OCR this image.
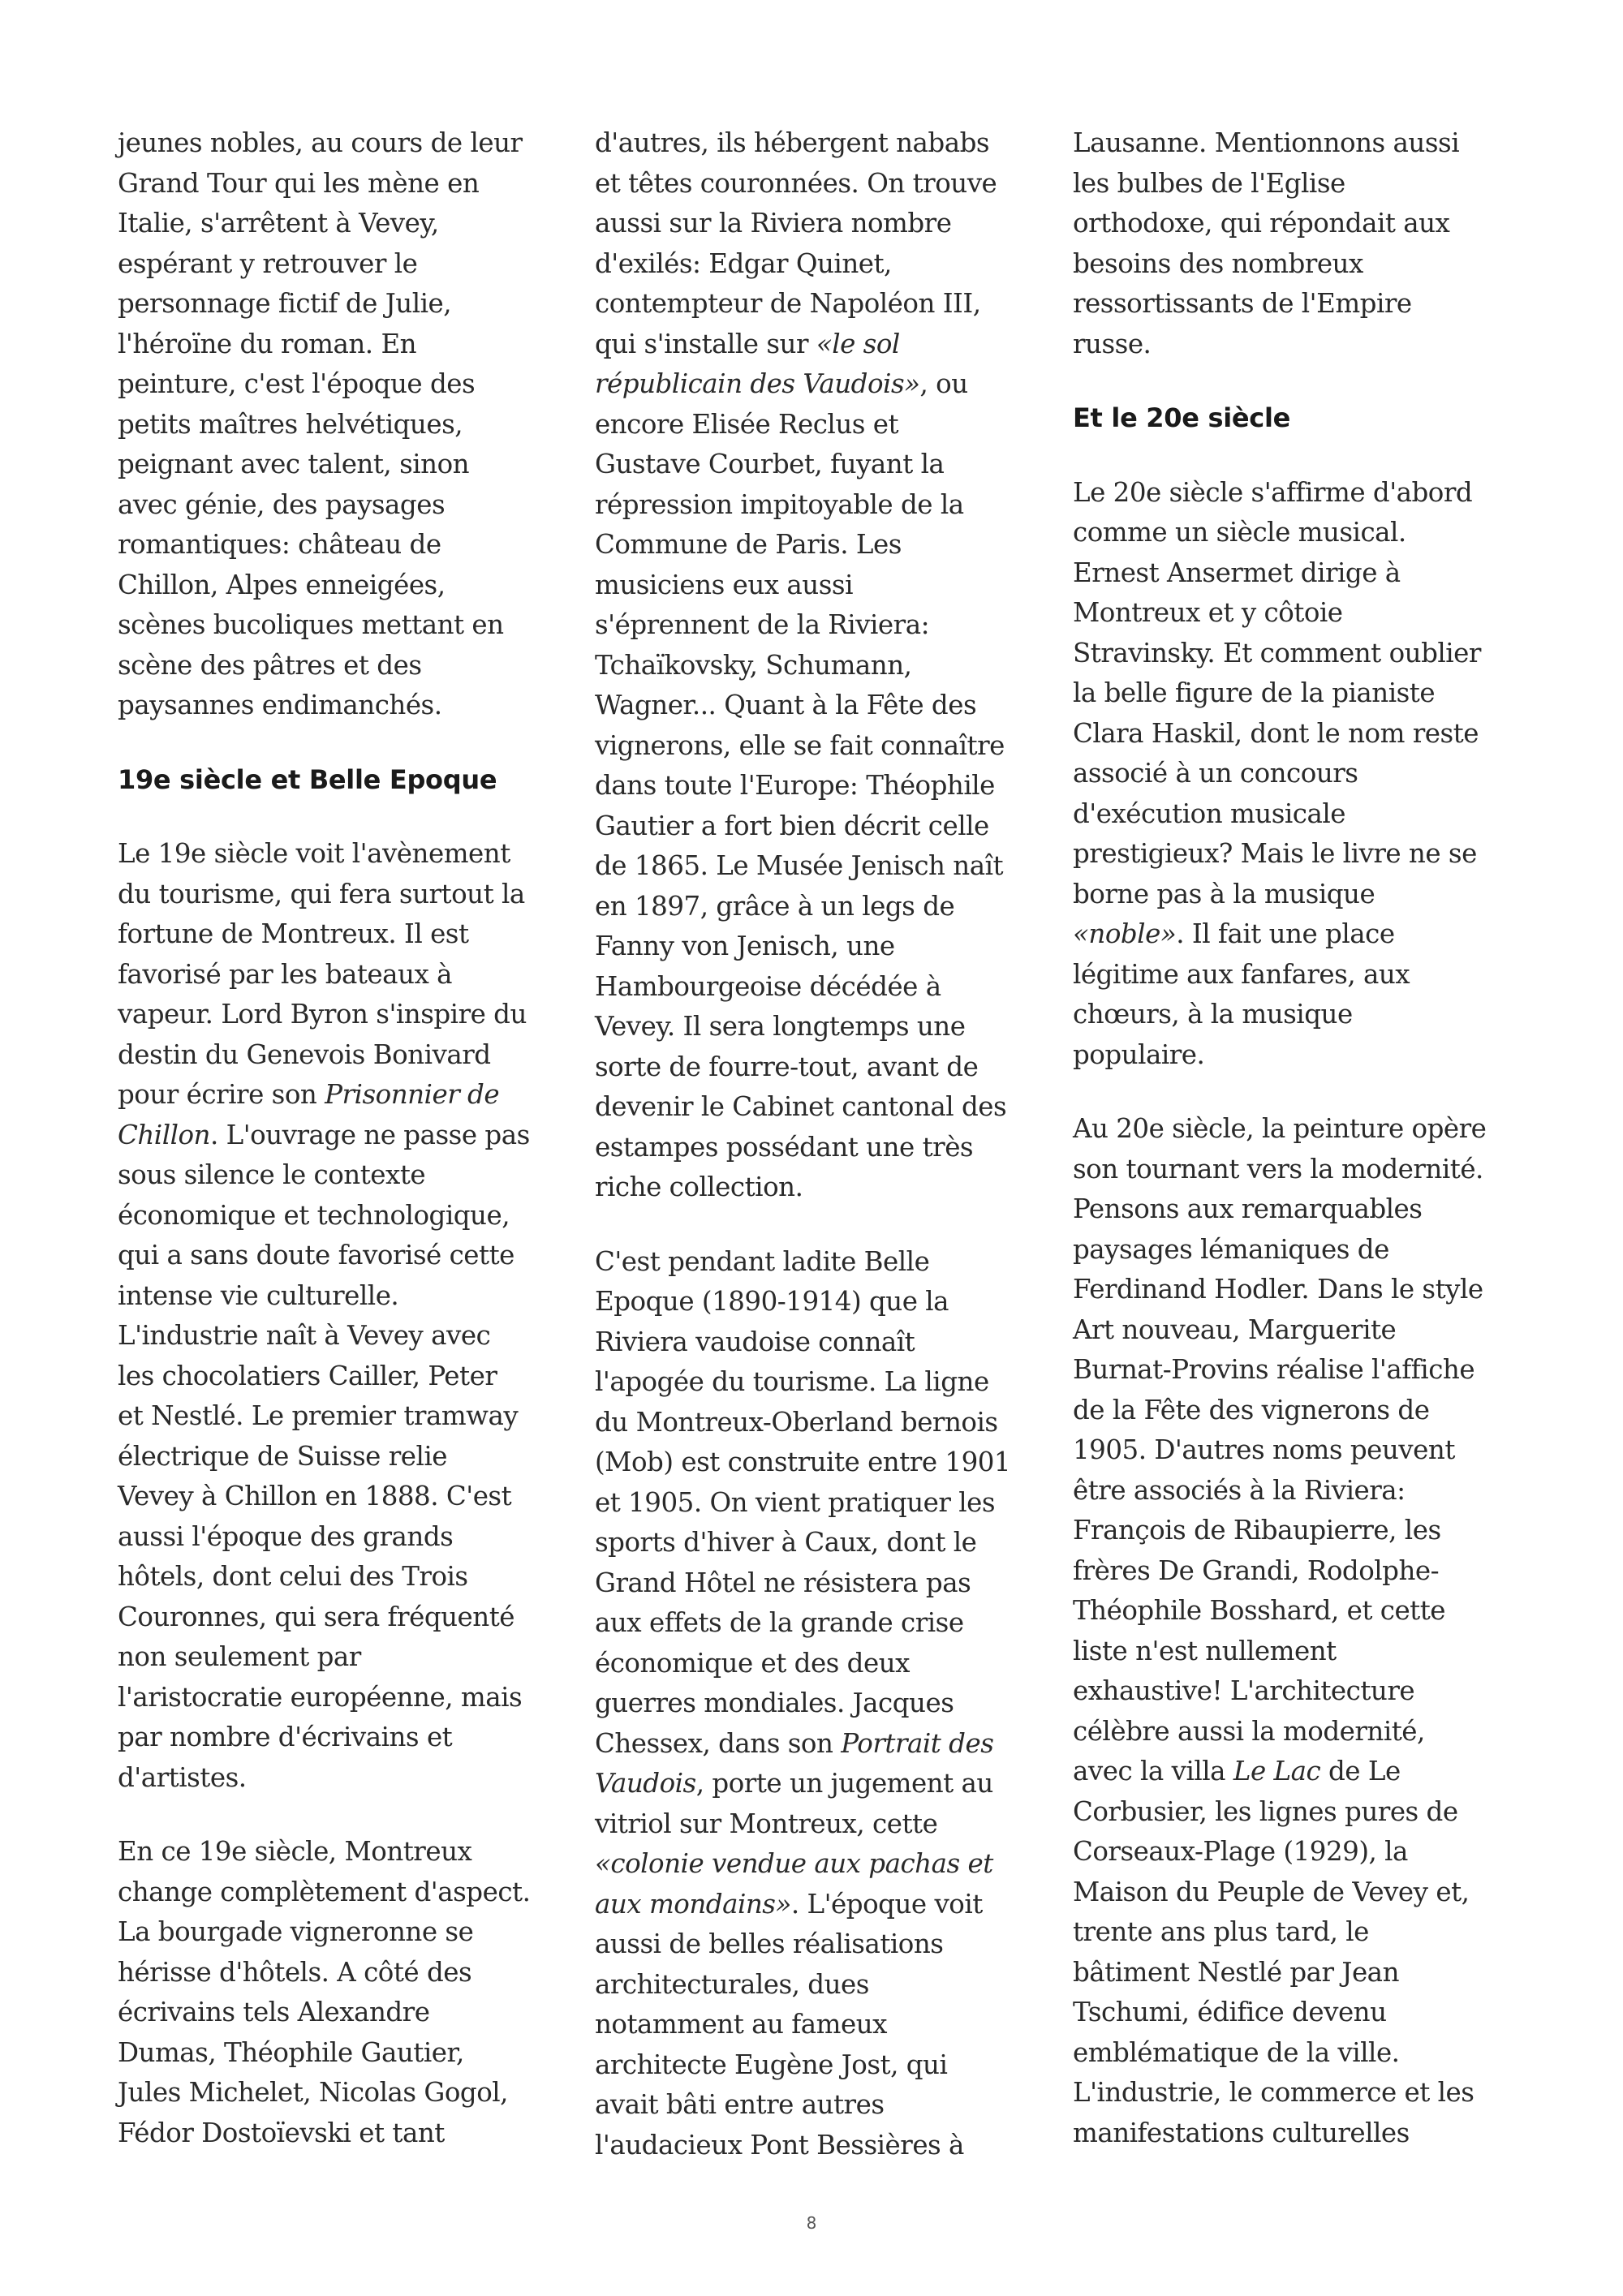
jeunes nobles, au cours de leur
Grand Tour qui les mène en
Italie, s'arrêtent à Vevey,
espérant y retrouver le
personnage fictif de Julie,
l'héroïne du roman. En
peinture, c'est l'époque des
petits maîtres helvétiques,
peignant avec talent, sinon
avec génie, des paysages
romantiques: château de
Chillon, Alpes enneigées,
scènes bucoliques mettant en
scène des pâtres et des
paysannes endimanchés.

19e siècle et Belle Epoque

Le 19e siècle voit l'avènement
du tourisme, qui fera surtout la
fortune de Montreux. Il est
favorisé par les bateaux à
vapeur. Lord Byron s'inspire du
destin du Genevois Bonivard
pour écrire son Prisonnier de
Chillon. L'ouvrage ne passe pas
sous silence le contexte
économique et technologique,
qui a sans doute favorisé cette
intense vie culturelle.
L'industrie naît à Vevey avec
les chocolatiers Cailler, Peter
et Nestlé. Le premier tramway
électrique de Suisse relie
Vevey à Chillon en 1888. C'est
aussi l'époque des grands
hôtels, dont celui des Trois
Couronnes, qui sera fréquenté
non seulement par
l'aristocratie européenne, mais
par nombre d'écrivains et
d'artistes.

En ce 19e siècle, Montreux
change complètement d'aspect.
La bourgade vigneronne se
hérisse d'hôtels. A côté des
écrivains tels Alexandre
Dumas, Théophile Gautier,
Jules Michelet, Nicolas Gogol,
Fédor Dostoïevski et tant

d'autres, ils hébergent nababs
et têtes couronnées. On trouve
aussi sur la Riviera nombre
d'exilés: Edgar Quinet,
contempteur de Napoléon III,
qui s'installe sur «le sol
républicain des Vaudois», ou
encore Elisée Reclus et
Gustave Courbet, fuyant la
répression impitoyable de la
Commune de Paris. Les
musiciens eux aussi
s'éprennent de la Riviera:
Tchaïkovsky, Schumann,
Wagner... Quant à la Fête des
vignerons, elle se fait connaître
dans toute l'Europe: Théophile
Gautier a fort bien décrit celle
de 1865. Le Musée Jenisch naît
en 1897, grâce à un legs de
Fanny von Jenisch, une
Hambourgeoise décédée à
Vevey. Il sera longtemps une
sorte de fourre-tout, avant de
devenir le Cabinet cantonal des
estampes possédant une très
riche collection.

C'est pendant ladite Belle
Epoque (1890-1914) que la
Riviera vaudoise connaît
l'apogée du tourisme. La ligne
du Montreux-Oberland bernois
(Mob) est construite entre 1901
et 1905. On vient pratiquer les
sports d'hiver à Caux, dont le
Grand Hôtel ne résistera pas
aux effets de la grande crise
économique et des deux
guerres mondiales. Jacques
Chessex, dans son Portrait des
Vaudois, porte un jugement au
vitriol sur Montreux, cette
«colonie vendue aux pachas et
aux mondains». L'époque voit
aussi de belles réalisations
architecturales, dues
notamment au fameux
architecte Eugène Jost, qui
avait bâti entre autres
l'audacieux Pont Bessières à

Lausanne. Mentionnons aussi
les bulbes de l'Eglise
orthodoxe, qui répondait aux
besoins des nombreux
ressortissants de l'Empire
russe.

Et le 20e siècle

Le 20e siècle s'affirme d'abord
comme un siècle musical.
Ernest Ansermet dirige à
Montreux et y côtoie
Stravinsky. Et comment oublier
la belle figure de la pianiste
Clara Haskil, dont le nom reste
associé à un concours
d'exécution musicale
prestigieux? Mais le livre ne se
borne pas à la musique
«noble». Il fait une place
légitime aux fanfares, aux
chœurs, à la musique
populaire.

Au 20e siècle, la peinture opère
son tournant vers la modernité.
Pensons aux remarquables
paysages lémaniques de
Ferdinand Hodler. Dans le style
Art nouveau, Marguerite
Burnat-Provins réalise l'affiche
de la Fête des vignerons de
1905. D'autres noms peuvent
être associés à la Riviera:
François de Ribaupierre, les
frères De Grandi, Rodolphe-
Théophile Bosshard, et cette
liste n'est nullement
exhaustive! L'architecture
célèbre aussi la modernité,
avec la villa Le Lac de Le
Corbusier, les lignes pures de
Corseaux-Plage (1929), la
Maison du Peuple de Vevey et,
trente ans plus tard, le
bâtiment Nestlé par Jean
Tschumi, édifice devenu
emblématique de la ville.
L'industrie, le commerce et les
manifestations culturelles

8
